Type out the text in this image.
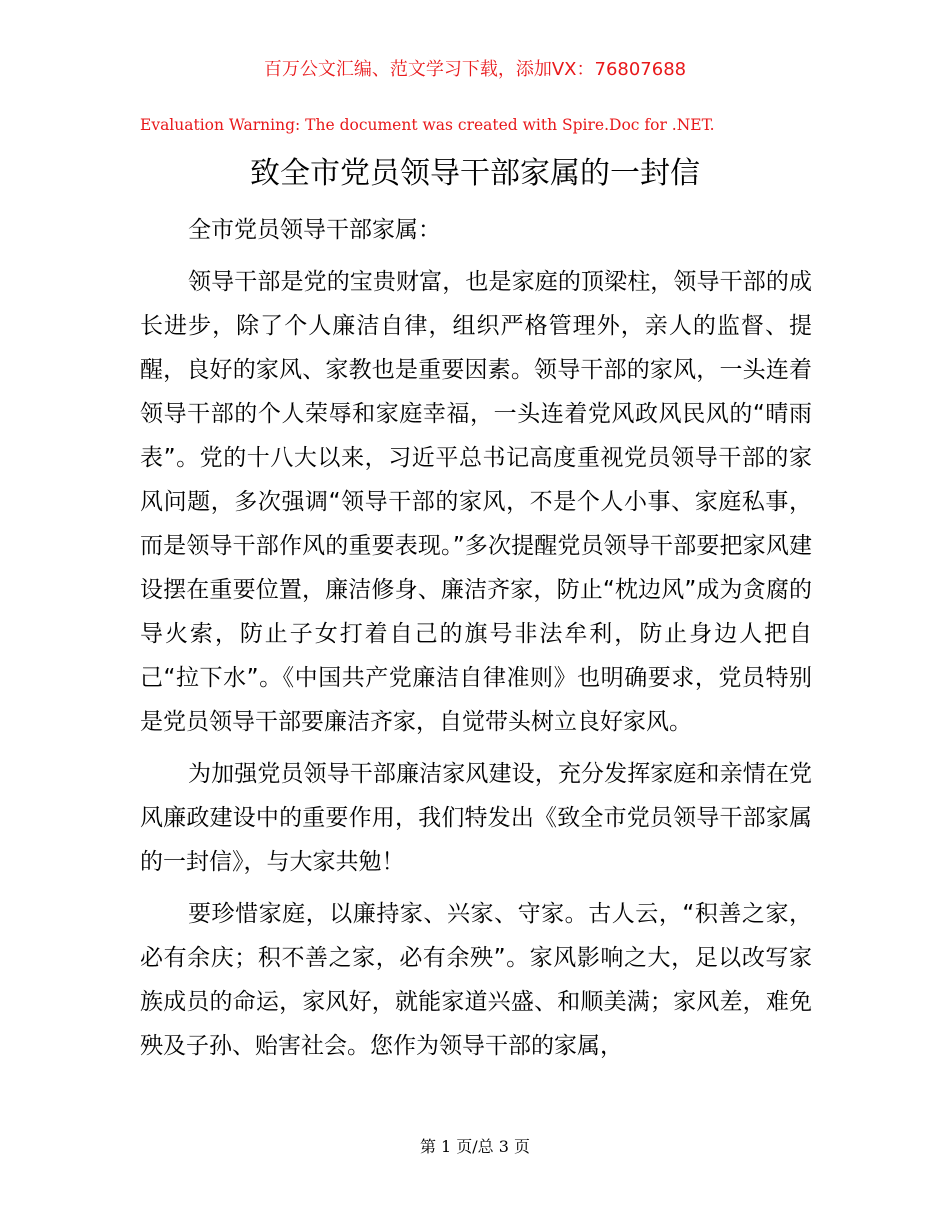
百万公文汇编、范文学习下载，添加VX：76807688
Evaluation Warning: The document was created with Spire.Doc for .NET.
致全市党员领导干部家属的一封信

全市党员领导干部家属：

领导干部是党的宝贵财富，也是家庭的顶梁柱，领导干部的成长进步，除了个人廉洁自律，组织严格管理外，亲人的监督、提醒，良好的家风、家教也是重要因素。领导干部的家风，一头连着领导干部的个人荣辱和家庭幸福，一头连着党风政风民风的“晴雨表”。党的十八大以来，习近平总书记高度重视党员领导干部的家风问题，多次强调“领导干部的家风，不是个人小事、家庭私事，而是领导干部作风的重要表现。”多次提醒党员领导干部要把家风建设摆在重要位置，廉洁修身、廉洁齐家，防止“枕边风”成为贪腐的导火索，防止子女打着自己的旗号非法牟利，防止身边人把自己“拉下水”。《中国共产党廉洁自律准则》也明确要求，党员特别是党员领导干部要廉洁齐家，自觉带头树立良好家风。

为加强党员领导干部廉洁家风建设，充分发挥家庭和亲情在党风廉政建设中的重要作用，我们特发出《致全市党员领导干部家属的一封信》，与大家共勉！

要珍惜家庭，以廉持家、兴家、守家。古人云，“积善之家，必有余庆；积不善之家，必有余殃”。家风影响之大，足以改写家族成员的命运，家风好，就能家道兴盛、和顺美满；家风差，难免殃及子孙、贻害社会。您作为领导干部的家属，

第 1 页/总 3 页
